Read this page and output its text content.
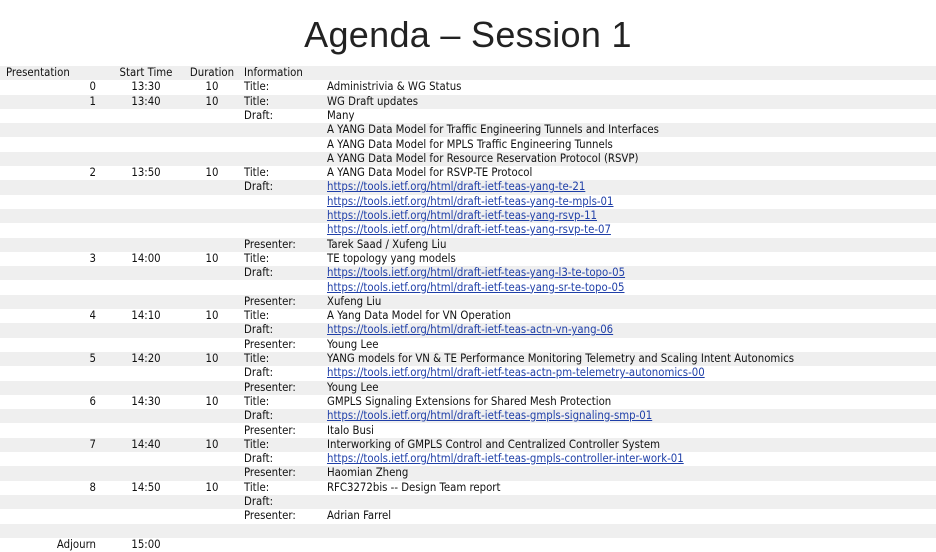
Agenda – Session 1
Presentation	Start Time Duration Information
0	13:30	10 Title:	Administrivia & WG Status
1	13:40	10 Title:	WG Draft updates
Draft:	Many
A YANG Data Model for Traffic Engineering Tunnels and Interfaces
A YANG Data Model for MPLS Traffic Engineering Tunnels
A YANG Data Model for Resource Reservation Protocol (RSVP)
2	13:50	10 Title:	A YANG Data Model for RSVP-TE Protocol
Draft:	https://tools.ietf.org/html/draft-ietf-teas-yang-te-21
https://tools.ietf.org/html/draft-ietf-teas-yang-te-mpls-01
https://tools.ietf.org/html/draft-ietf-teas-yang-rsvp-11
https://tools.ietf.org/html/draft-ietf-teas-yang-rsvp-te-07
Presenter:	Tarek Saad / Xufeng Liu
3	14:00	10 Title:	TE topology yang models
Draft:	https://tools.ietf.org/html/draft-ietf-teas-yang-l3-te-topo-05
https://tools.ietf.org/html/draft-ietf-teas-yang-sr-te-topo-05
Presenter:	Xufeng Liu
4	14:10	10 Title:	A Yang Data Model for VN Operation
Draft:	https://tools.ietf.org/html/draft-ietf-teas-actn-vn-yang-06
Presenter:	Young Lee
5	14:20	10 Title:	YANG models for VN & TE Performance Monitoring Telemetry and Scaling Intent Autonomics
Draft:	https://tools.ietf.org/html/draft-ietf-teas-actn-pm-telemetry-autonomics-00
Presenter:	Young Lee
6	14:30	10 Title:	GMPLS Signaling Extensions for Shared Mesh Protection
Draft:	https://tools.ietf.org/html/draft-ietf-teas-gmpls-signaling-smp-01
Presenter:	Italo Busi
7	14:40	10 Title:	Interworking of GMPLS Control and Centralized Controller System
Draft:	https://tools.ietf.org/html/draft-ietf-teas-gmpls-controller-inter-work-01
Presenter:	Haomian Zheng
8	14:50	10 Title:	RFC3272bis -- Design Team report
Draft:
Presenter:	Adrian Farrel
Adjourn	15:00
